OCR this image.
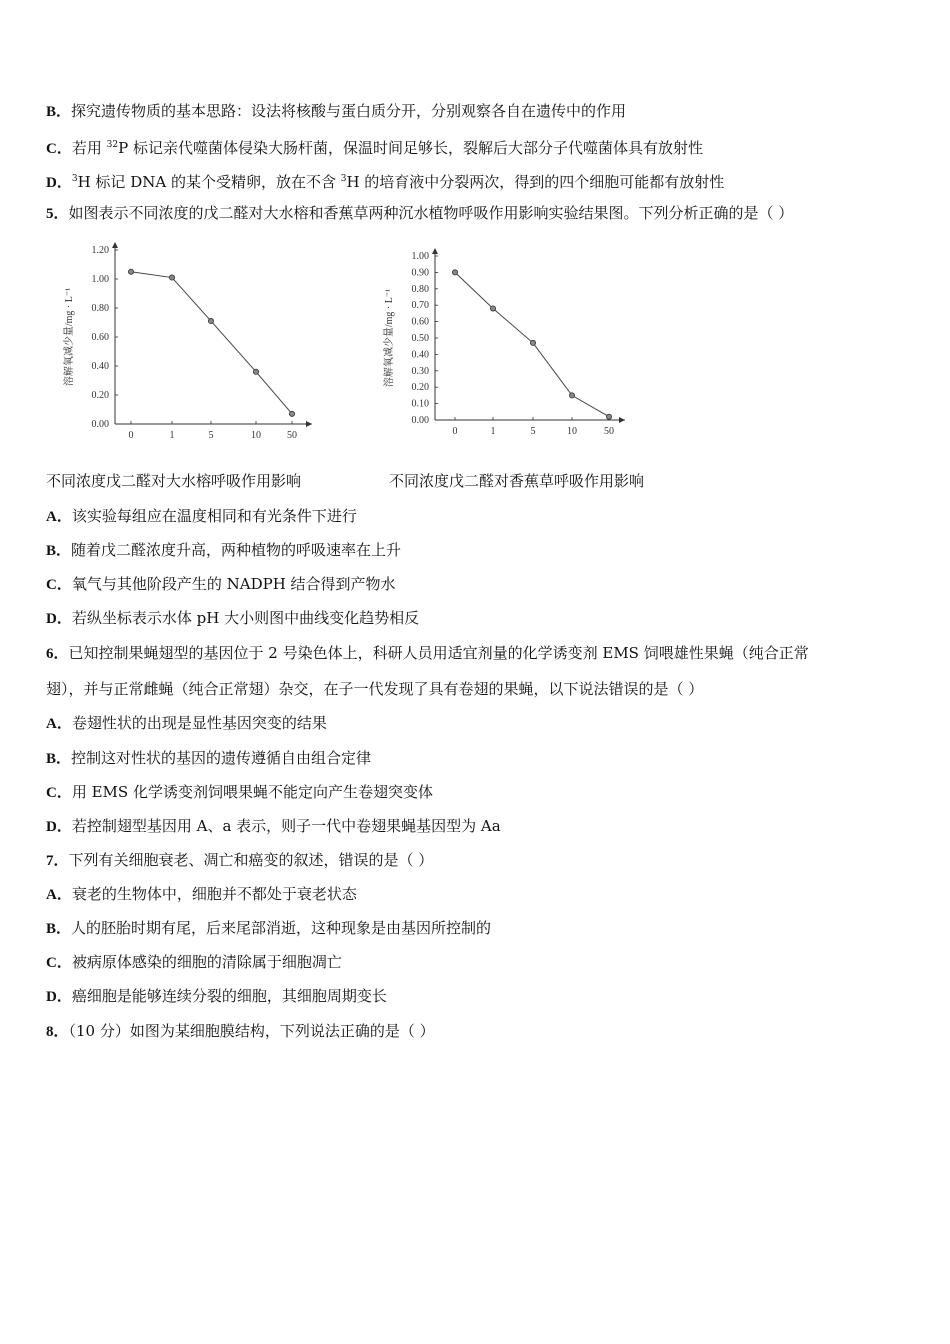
B．探究遗传物质的基本思路：设法将核酸与蛋白质分开，分别观察各自在遗传中的作用
C．若用 $^{32}$P 标记亲代噬菌体侵染大肠杆菌，保温时间足够长，裂解后大部分子代噬菌体具有放射性
D．$^3$H 标记 DNA 的某个受精卵，放在不含 $^3$H 的培育液中分裂两次，得到的四个细胞可能都有放射性
5．如图表示不同浓度的戊二醛对大水榕和香蕉草两种沉水植物呼吸作用影响实验结果图。下列分析正确的是（ ）
0.00
0.20
0.40
0.60
0.80
1.00
1.20
0	1	5	10	50
溶解氧减少量/mg · L⁻¹
0.00
0.10
0.20
0.30
0.40
0.50
0.60
0.70
0.80
0.90
1.00
0	1	5	10	50
溶解氧减少量/mg · L⁻¹
不同浓度戊二醛对大水榕呼吸作用影响	不同浓度戊二醛对香蕉草呼吸作用影响
A．该实验每组应在温度相同和有光条件下进行
B．随着戊二醛浓度升高，两种植物的呼吸速率在上升
C．氧气与其他阶段产生的 NADPH 结合得到产物水
D．若纵坐标表示水体 pH 大小则图中曲线变化趋势相反
6．已知控制果蝇翅型的基因位于 2 号染色体上，科研人员用适宜剂量的化学诱变剂 EMS 饲喂雄性果蝇（纯合正常
翅），并与正常雌蝇（纯合正常翅）杂交，在子一代发现了具有卷翅的果蝇，以下说法错误的是（ ）
A．卷翅性状的出现是显性基因突变的结果
B．控制这对性状的基因的遗传遵循自由组合定律
C．用 EMS 化学诱变剂饲喂果蝇不能定向产生卷翅突变体
D．若控制翅型基因用 A、a 表示，则子一代中卷翅果蝇基因型为 Aa
7．下列有关细胞衰老、凋亡和癌变的叙述，错误的是（ ）
A．衰老的生物体中，细胞并不都处于衰老状态
B．人的胚胎时期有尾，后来尾部消逝，这种现象是由基因所控制的
C．被病原体感染的细胞的清除属于细胞凋亡
D．癌细胞是能够连续分裂的细胞，其细胞周期变长
8．（10 分）如图为某细胞膜结构，下列说法正确的是（ ）
